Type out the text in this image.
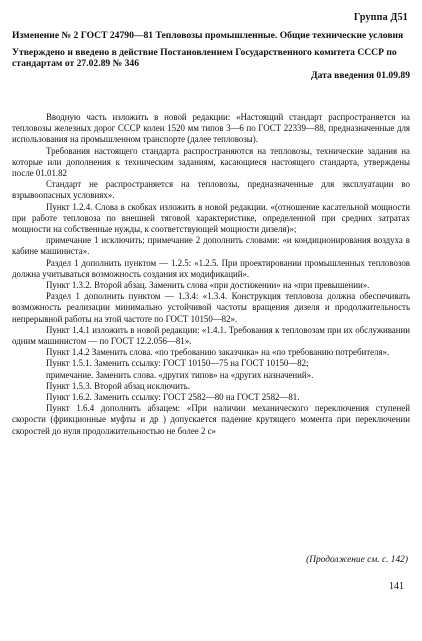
Группа Д51

Изменение № 2 ГОСТ 24790—81 Тепловозы промышленные. Общие технические условия

Утверждено и введено в действие Постановлением Государственного комитета СССР по стандартам от 27.02.89 № 346

Дата введения 01.09.89

Вводную часть изложить в новой редакции: «Настоящий стандарт распространяется на тепловозы железных дорог СССР колеи 1520 мм типов 3—6 по ГОСТ 22339—88, предназначенные для использования на промышленном транспорте (далее тепловозы).

Требования настоящего стандарта распространяются на тепловозы, технические задания на которые или дополнения к техническим заданиям, касающиеся настоящего стандарта, утверждены после 01.01.82

Стандарт не распространяется на тепловозы, предназначенные для эксплуатации во взрывоопасных условиях».

Пункт 1.2.4. Слова в скобках изложить в новой редакции. «(отношение касательной мощности при работе тепловоза по внешней тяговой характеристике, определенной при средних затратах мощности на собственные нужды, к соответствующей мощности дизеля)»;

примечание 1 исключить; примечание 2 дополнить словами: «и кондиционирования воздуха в кабине машиниста».

Раздел 1 дополнить пунктом — 1.2.5: «1.2.5. При проектировании промышленных тепловозов должна учитываться возможность создания их модификаций».

Пункт 1.3.2. Второй абзац. Заменить слова «при достижении» на «при превышении».

Раздел 1 дополнить пунктом — 1.3.4: «1.3.4. Конструкция тепловоза должна обеспечивать возможность реализации минимально устойчивой частоты вращения дизеля и продолжительность непрерывной работы на этой частоте по ГОСТ 10150—82».

Пункт 1.4.1 изложить в новой редакции: «1.4.1. Требования к тепловозам при их обслуживании одним машинистом — по ГОСТ 12.2.056—81».

Пункт 1.4.2 Заменить слова. «по требованию заказчика» на «по требованию потребителя».

Пункт 1.5.1. Заменить ссылку: ГОСТ 10150—75 на ГОСТ 10150—82;

примечание. Заменить слова. «других типов» на «других назначений».

Пункт 1.5.3. Второй абзац исключить.

Пункт 1.6.2. Заменить ссылку: ГОСТ 2582—80 на ГОСТ 2582—81.

Пункт 1.6.4 дополнить абзацем: «При наличии механического переключения ступеней скорости (фрикционные муфты и др ) допускается падение крутящего момента при переключении скоростей до нуля продолжительностью не более 2 с»

(Продолжение см. с. 142)
141
